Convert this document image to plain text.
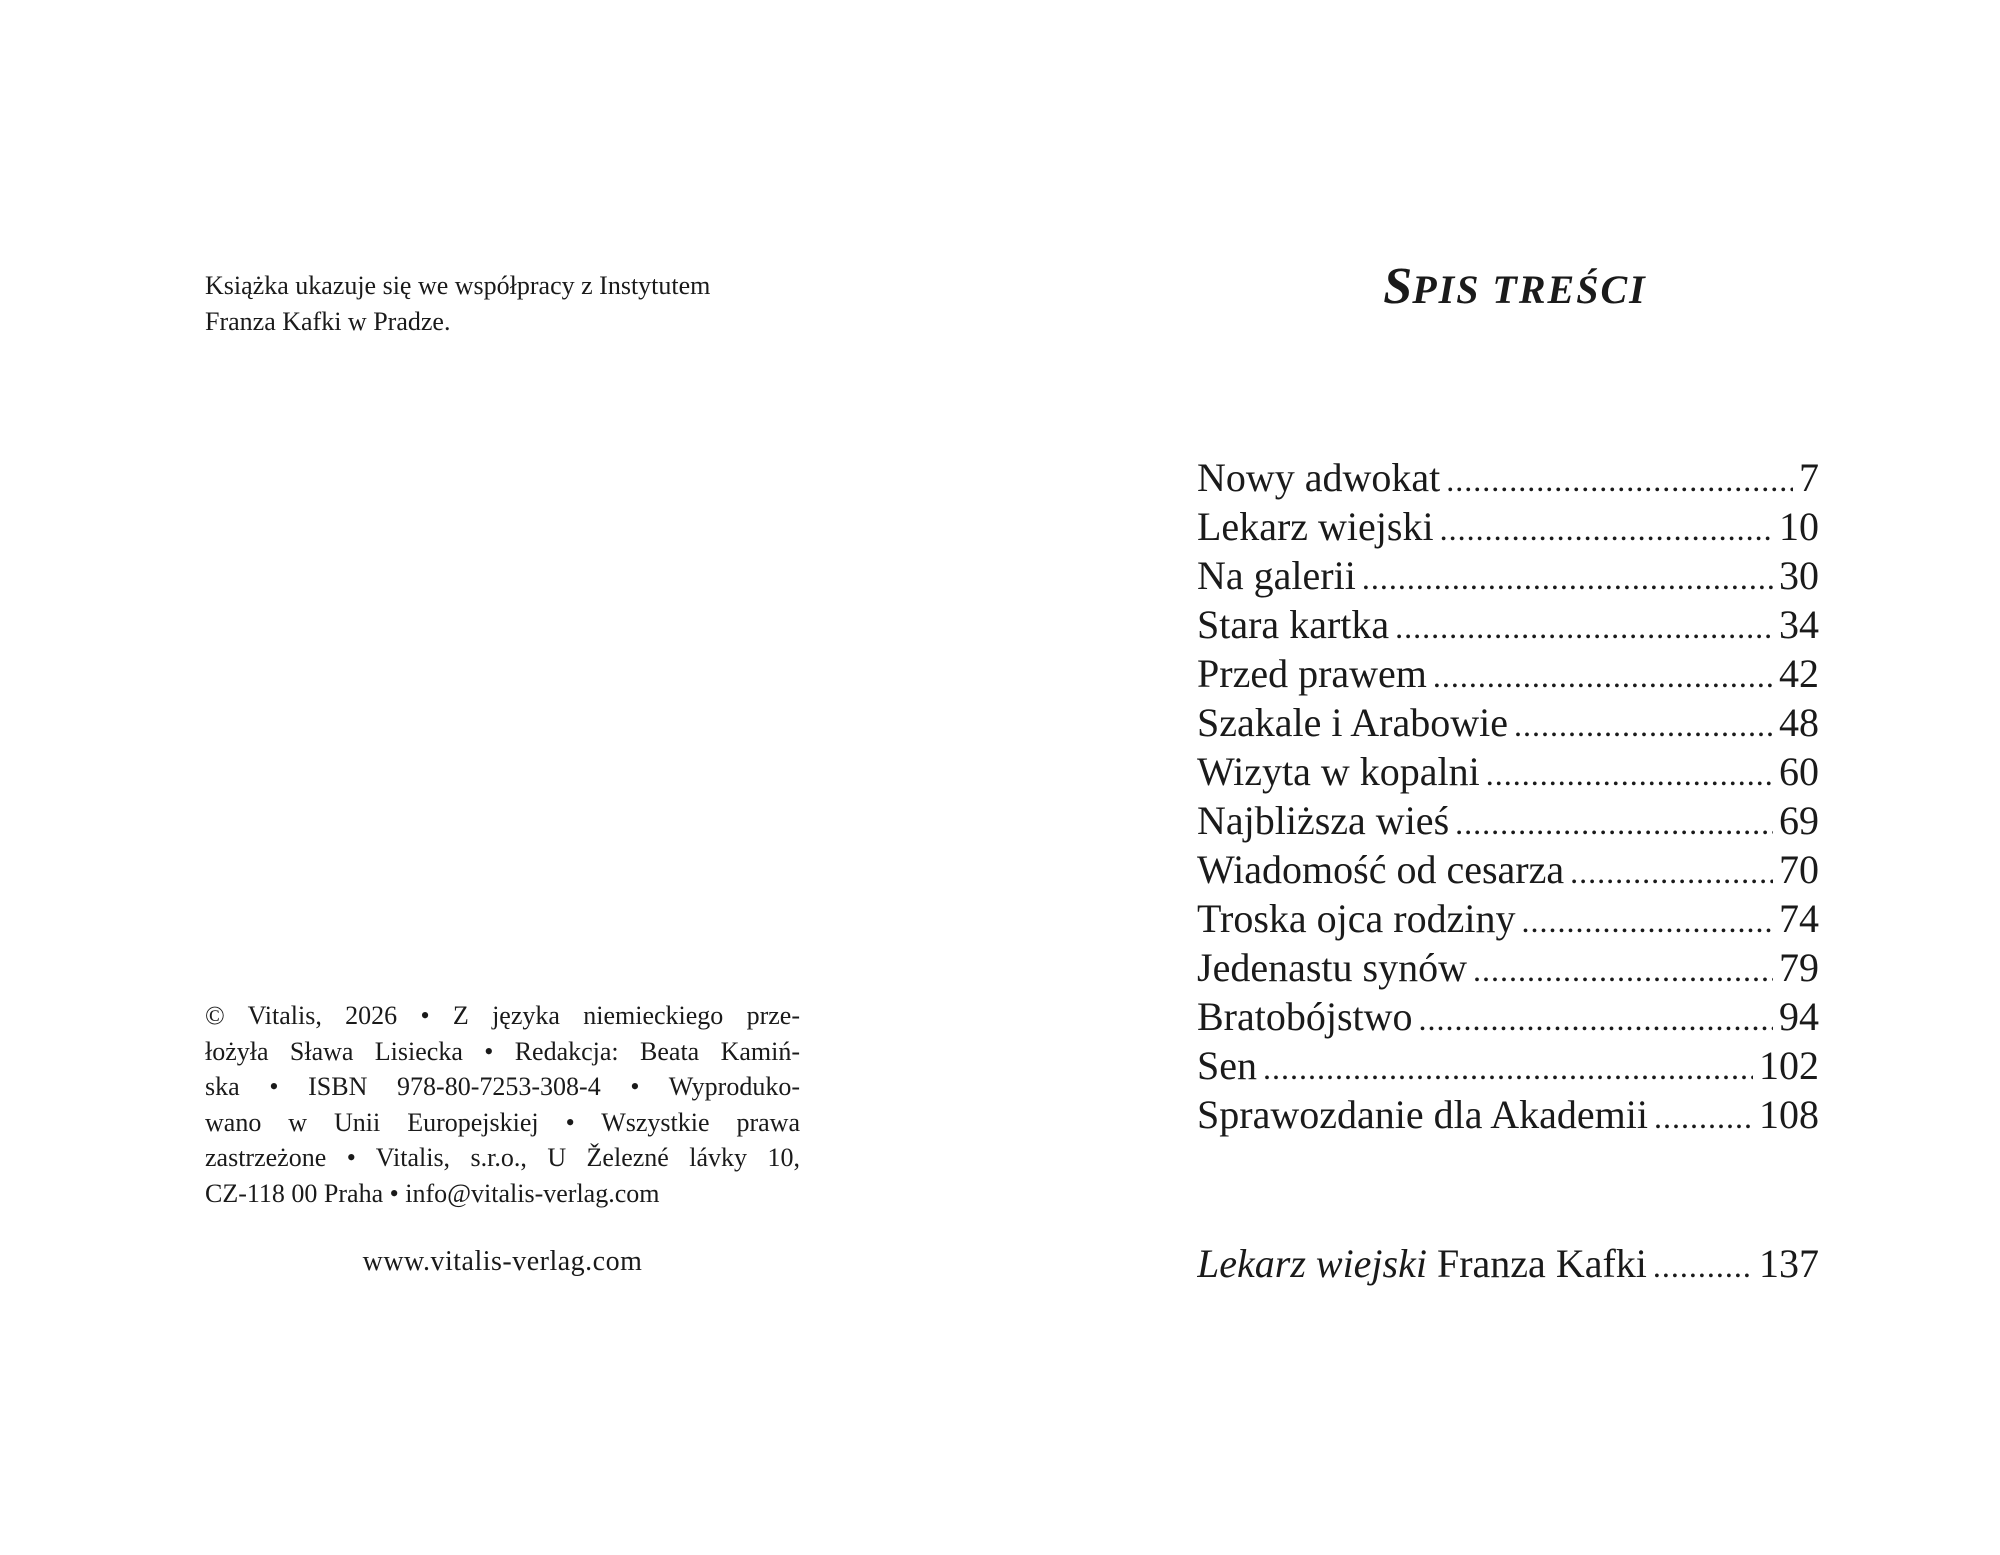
Książka ukazuje się we współpracy z Instytutem
Franza Kafki w Pradze.

© Vitalis, 2026 • Z języka niemieckiego prze-
łożyła Sława Lisiecka • Redakcja: Beata Kamiń-
ska • ISBN 978-80-7253-308-4 • Wyproduko-
wano w Unii Europejskiej • Wszystkie prawa
zastrzeżone • Vitalis, s.r.o., U Železné lávky 10,
CZ-118 00 Praha • info@vitalis-verlag.com

www.vitalis-verlag.com

SPIS TREŚCI
Nowy adwokat .....	7
Lekarz wiejski .....	10
Na galerii .....	30
Stara kartka .....	34
Przed prawem .....	42
Szakale i Arabowie .....	48
Wizyta w kopalni .....	60
Najbliższa wieś .....	69
Wiadomość od cesarza .....	70
Troska ojca rodziny .....	74
Jedenastu synów .....	79
Bratobójstwo .....	94
Sen .....	102
Sprawozdanie dla Akademii .....	108
Lekarz wiejski Franza Kafki .....	137
